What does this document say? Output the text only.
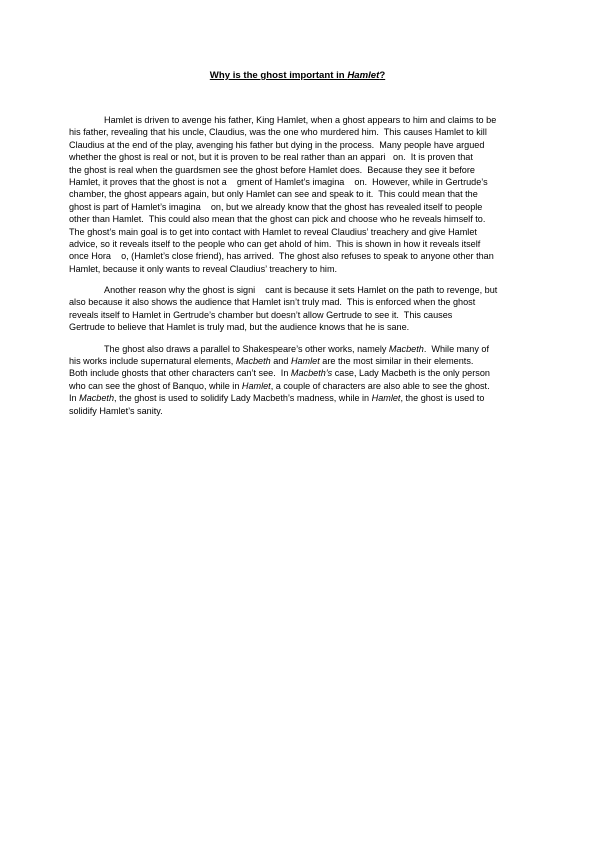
Why is the ghost important in Hamlet?
Hamlet is driven to avenge his father, King Hamlet, when a ghost appears to him and claims to be
his father, revealing that his uncle, Claudius, was the one who murdered him.  This causes Hamlet to kill
Claudius at the end of the play, avenging his father but dying in the process.  Many people have argued
whether the ghost is real or not, but it is proven to be real rather than an appari   on.  It is proven that
the ghost is real when the guardsmen see the ghost before Hamlet does.  Because they see it before
Hamlet, it proves that the ghost is not a    gment of Hamlet’s imagina    on.  However, while in Gertrude’s
chamber, the ghost appears again, but only Hamlet can see and speak to it.  This could mean that the
ghost is part of Hamlet’s imagina    on, but we already know that the ghost has revealed itself to people
other than Hamlet.  This could also mean that the ghost can pick and choose who he reveals himself to.
The ghost’s main goal is to get into contact with Hamlet to reveal Claudius’ treachery and give Hamlet
advice, so it reveals itself to the people who can get ahold of him.  This is shown in how it reveals itself
once Hora    o, (Hamlet’s close friend), has arrived.  The ghost also refuses to speak to anyone other than
Hamlet, because it only wants to reveal Claudius’ treachery to him.
Another reason why the ghost is signi    cant is because it sets Hamlet on the path to revenge, but
also because it also shows the audience that Hamlet isn’t truly mad.  This is enforced when the ghost
reveals itself to Hamlet in Gertrude’s chamber but doesn’t allow Gertrude to see it.  This causes
Gertrude to believe that Hamlet is truly mad, but the audience knows that he is sane.
The ghost also draws a parallel to Shakespeare’s other works, namely Macbeth.  While many of
his works include supernatural elements, Macbeth and Hamlet are the most similar in their elements.
Both include ghosts that other characters can’t see.  In Macbeth’s case, Lady Macbeth is the only person
who can see the ghost of Banquo, while in Hamlet, a couple of characters are also able to see the ghost.
In Macbeth, the ghost is used to solidify Lady Macbeth’s madness, while in Hamlet, the ghost is used to
solidify Hamlet’s sanity.
